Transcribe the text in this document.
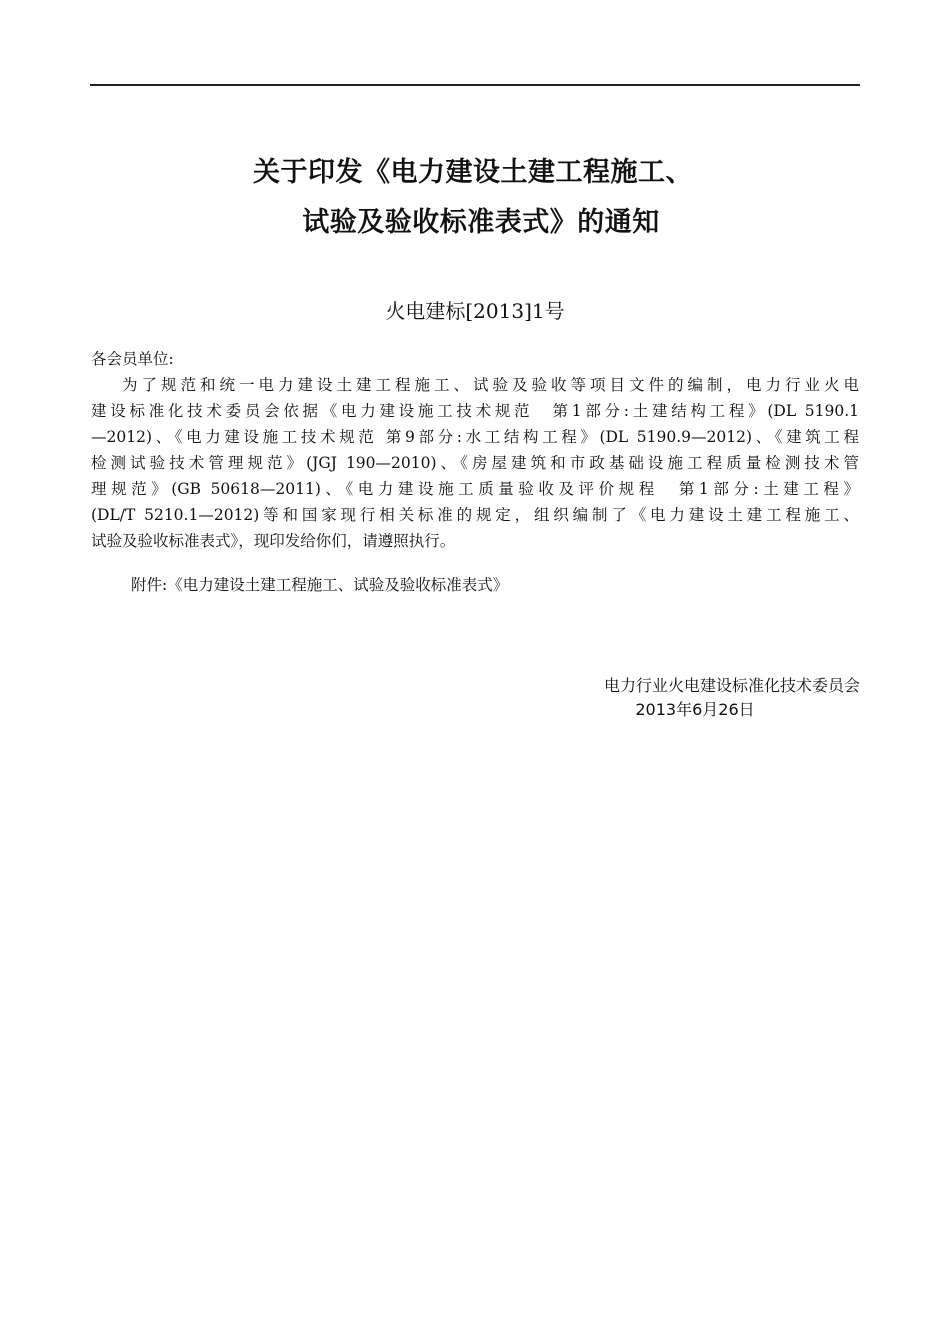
关于印发《电力建设土建工程施工、
试验及验收标准表式》的通知
火电建标[2013]1号
各会员单位:
为了规范和统一电力建设土建工程施工、试验及验收等项目文件的编制，电力行业火电
建设标准化技术委员会依据《电力建设施工技术规范　第1部分:土建结构工程》(DL 5190.1
—2012)、《电力建设施工技术规范 第9部分:水工结构工程》(DL 5190.9—2012)、《建筑工程
检测试验技术管理规范》(JGJ 190—2010)、《房屋建筑和市政基础设施工程质量检测技术管
理规范》(GB 50618—2011)、《电力建设施工质量验收及评价规程　第1部分:土建工程》
(DL/T 5210.1—2012)等和国家现行相关标准的规定，组织编制了《电力建设土建工程施工、
试验及验收标准表式》，现印发给你们，请遵照执行。
附件:《电力建设土建工程施工、试验及验收标准表式》
电力行业火电建设标准化技术委员会
2013年6月26日
